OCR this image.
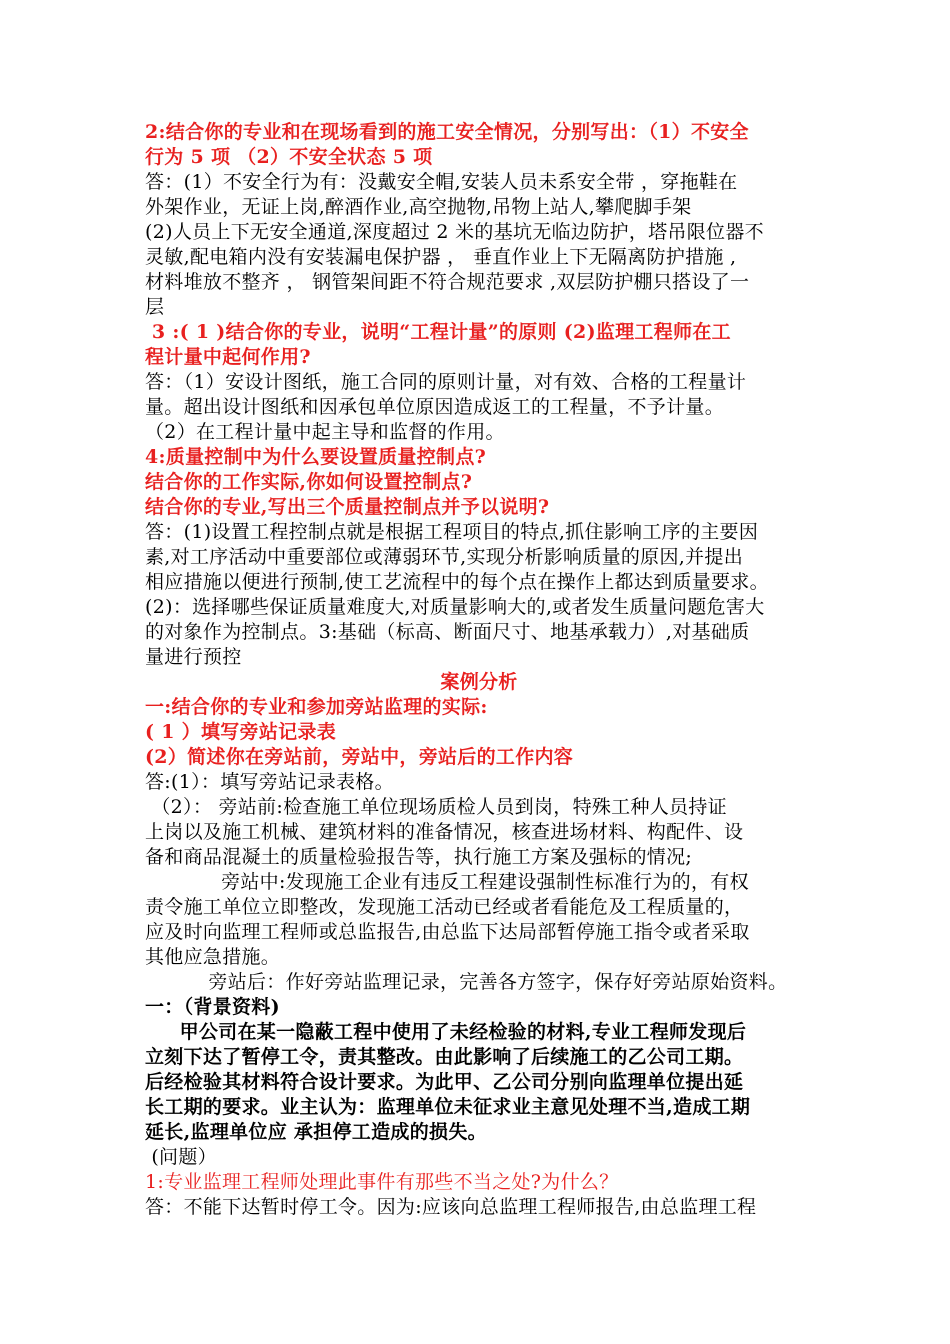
2:结合你的专业和在现场看到的施工安全情况，分别写出：（1）不安全
行为 5 项 （2）不安全状态 5 项
答：(1）不安全行为有：没戴安全帽,安装人员未系安全带 ，穿拖鞋在
外架作业，无证上岗,醉酒作业,高空抛物,吊物上站人,攀爬脚手架
(2)人员上下无安全通道,深度超过 2 米的基坑无临边防护，塔吊限位器不
灵敏,配电箱内没有安装漏电保护器 ， 垂直作业上下无隔离防护措施 ,
材料堆放不整齐 ， 钢管架间距不符合规范要求 ,双层防护棚只搭设了一
层
3 :( 1 )结合你的专业，说明“工程计量”的原则 (2)监理工程师在工
程计量中起何作用?
答：（1）安设计图纸，施工合同的原则计量，对有效、合格的工程量计
量。超出设计图纸和因承包单位原因造成返工的工程量，不予计量。
（2）在工程计量中起主导和监督的作用。
4:质量控制中为什么要设置质量控制点?
结合你的工作实际,你如何设置控制点?
结合你的专业,写出三个质量控制点并予以说明?
答：(1)设置工程控制点就是根据工程项目的特点,抓住影响工序的主要因
素,对工序活动中重要部位或薄弱环节,实现分析影响质量的原因,并提出
相应措施以便进行预制,使工艺流程中的每个点在操作上都达到质量要求。
(2)：选择哪些保证质量难度大,对质量影响大的,或者发生质量问题危害大
的对象作为控制点。3:基础（标高、断面尺寸、地基承载力）,对基础质
量进行预控
案例分析
一:结合你的专业和参加旁站监理的实际:
( 1 ）填写旁站记录表
(2）简述你在旁站前，旁站中，旁站后的工作内容
答:(1）：填写旁站记录表格。
（2）： 旁站前:检查施工单位现场质检人员到岗，特殊工种人员持证
上岗以及施工机械、建筑材料的准备情况，核查进场材料、构配件、设
备和商品混凝土的质量检验报告等，执行施工方案及强标的情况;
旁站中:发现施工企业有违反工程建设强制性标准行为的，有权
责令施工单位立即整改，发现施工活动已经或者看能危及工程质量的，
应及时向监理工程师或总监报告,由总监下达局部暂停施工指令或者采取
其他应急措施。
旁站后：作好旁站监理记录，完善各方签字，保存好旁站原始资料。
一：（背景资料)
甲公司在某一隐蔽工程中使用了未经检验的材料,专业工程师发现后
立刻下达了暂停工令，责其整改。由此影响了后续施工的乙公司工期。
后经检验其材料符合设计要求。为此甲、乙公司分别向监理单位提出延
长工期的要求。业主认为：监理单位未征求业主意见处理不当,造成工期
延长,监理单位应 承担停工造成的损失。
(问题）
1:专业监理工程师处理此事件有那些不当之处?为什么？
答：不能下达暂时停工令。因为:应该向总监理工程师报告,由总监理工程
